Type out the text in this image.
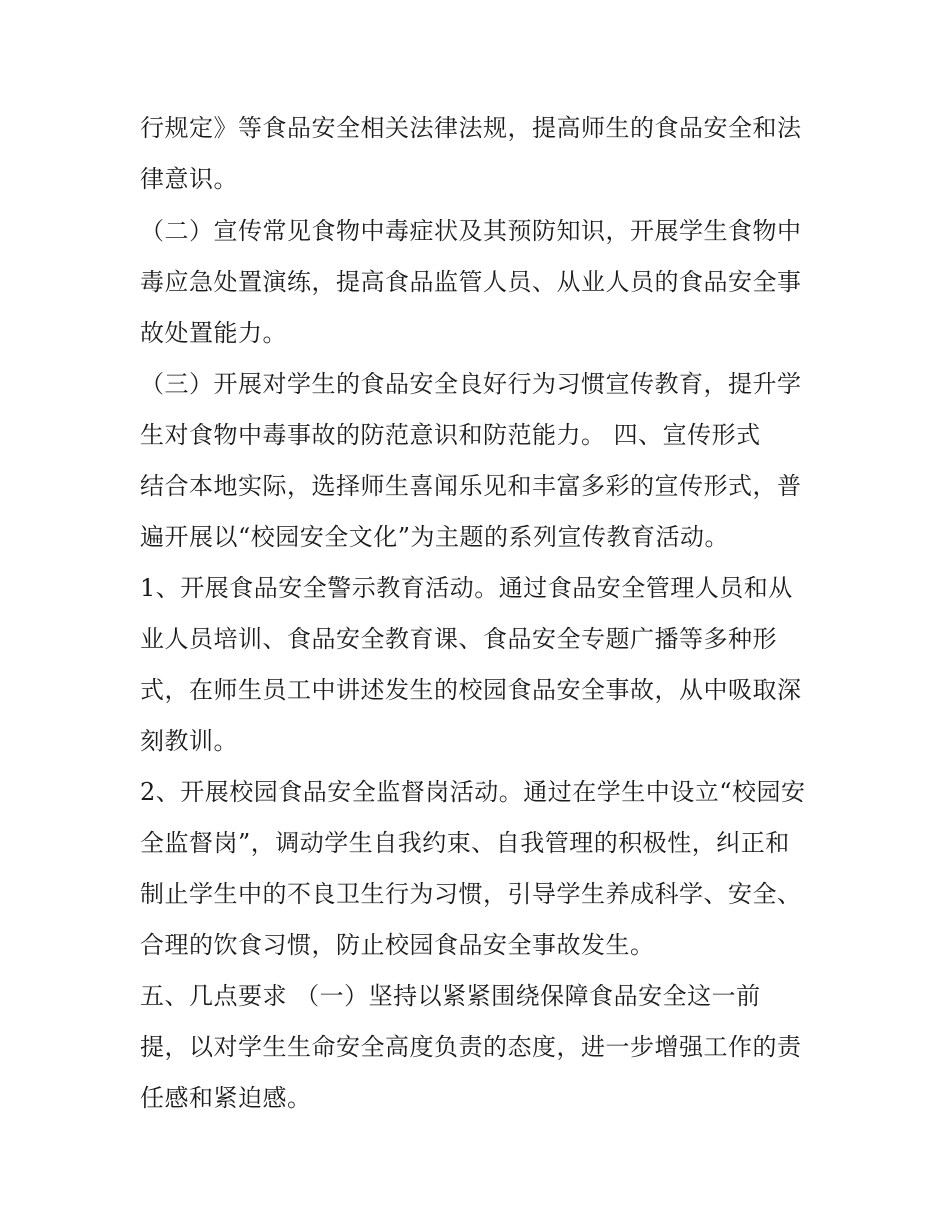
行规定》等食品安全相关法律法规，提高师生的食品安全和法
律意识。
（二）宣传常见食物中毒症状及其预防知识，开展学生食物中
毒应急处置演练，提高食品监管人员、从业人员的食品安全事
故处置能力。
（三）开展对学生的食品安全良好行为习惯宣传教育，提升学
生对食物中毒事故的防范意识和防范能力。 四、宣传形式
结合本地实际，选择师生喜闻乐见和丰富多彩的宣传形式，普
遍开展以“校园安全文化”为主题的系列宣传教育活动。
1、开展食品安全警示教育活动。通过食品安全管理人员和从
业人员培训、食品安全教育课、食品安全专题广播等多种形
式，在师生员工中讲述发生的校园食品安全事故，从中吸取深
刻教训。
2、开展校园食品安全监督岗活动。通过在学生中设立“校园安
全监督岗”，调动学生自我约束、自我管理的积极性，纠正和
制止学生中的不良卫生行为习惯，引导学生养成科学、安全、
合理的饮食习惯，防止校园食品安全事故发生。
五、几点要求 （一）坚持以紧紧围绕保障食品安全这一前
提，以对学生生命安全高度负责的态度，进一步增强工作的责
任感和紧迫感。
